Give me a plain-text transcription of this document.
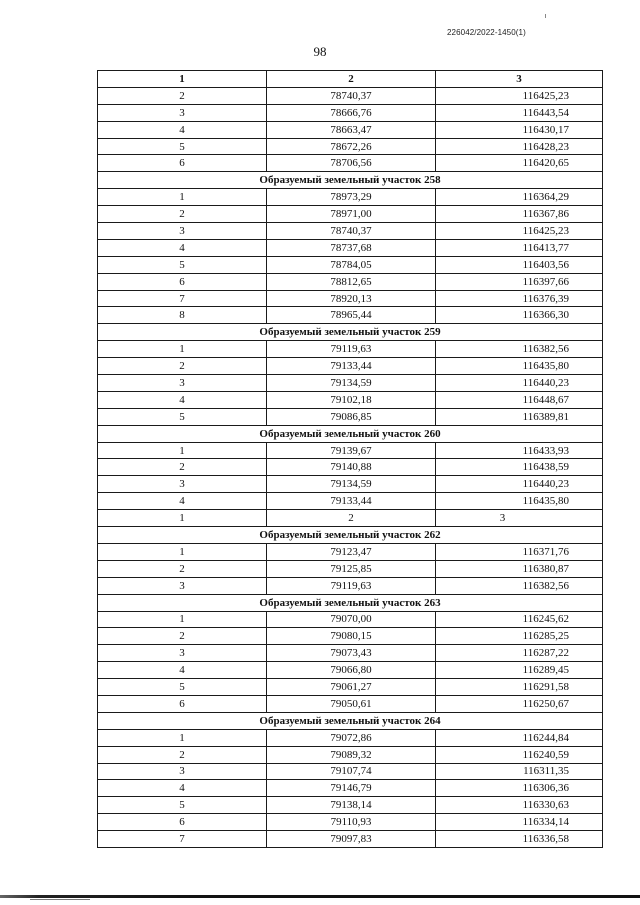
226042/2022-1450(1)
98
1	2	3
2	78740,37	116425,23
3	78666,76	116443,54
4	78663,47	116430,17
5	78672,26	116428,23
6	78706,56	116420,65
Образуемый земельный участок 258		
1	78973,29	116364,29
2	78971,00	116367,86
3	78740,37	116425,23
4	78737,68	116413,77
5	78784,05	116403,56
6	78812,65	116397,66
7	78920,13	116376,39
8	78965,44	116366,30
Образуемый земельный участок 259		
1	79119,63	116382,56
2	79133,44	116435,80
3	79134,59	116440,23
4	79102,18	116448,67
5	79086,85	116389,81
Образуемый земельный участок 260		
1	79139,67	116433,93
2	79140,88	116438,59
3	79134,59	116440,23
4	79133,44	116435,80
1	2	3
Образуемый земельный участок 262		
1	79123,47	116371,76
2	79125,85	116380,87
3	79119,63	116382,56
Образуемый земельный участок 263		
1	79070,00	116245,62
2	79080,15	116285,25
3	79073,43	116287,22
4	79066,80	116289,45
5	79061,27	116291,58
6	79050,61	116250,67
Образуемый земельный участок 264		
1	79072,86	116244,84
2	79089,32	116240,59
3	79107,74	116311,35
4	79146,79	116306,36
5	79138,14	116330,63
6	79110,93	116334,14
7	79097,83	116336,58
